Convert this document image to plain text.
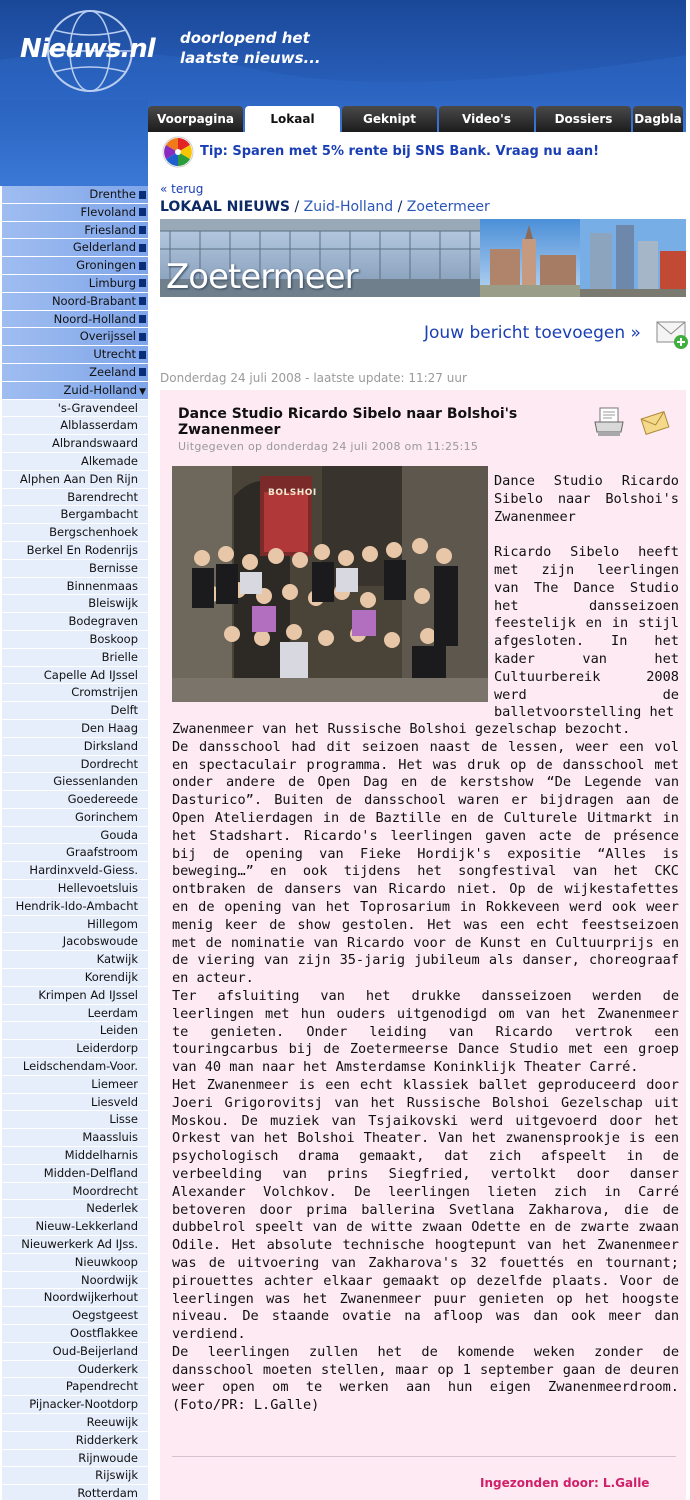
Nieuws.nl doorlopend het
laatste nieuws...
Voorpagina	Lokaal	Geknipt	Video's	Dossiers	Dagbla
Tip: Sparen met 5% rente bij SNS Bank. Vraag nu aan!
« terug
LOKAAL NIEUWS / Zuid-Holland / Zoetermeer
Zoetermeer
Jouw bericht toevoegen »
Donderdag 24 juli 2008 - laatste update: 11:27 uur
Dance Studio Ricardo Sibelo naar Bolshoi's Zwanenmeer
Uitgegeven op donderdag 24 juli 2008 om 11:25:15
BOLSHOI

Dance Studio Ricardo Sibelo naar Bolshoi's Zwanenmeer

Ricardo Sibelo heeft met zijn leerlingen van The Dance Studio het dansseizoen feestelijk en in stijl afgesloten. In het kader van het Cultuurbereik 2008 werd de balletvoorstelling het

Zwanenmeer van het Russische Bolshoi gezelschap bezocht.
De dansschool had dit seizoen naast de lessen, weer een vol en spectaculair programma. Het was druk op de dansschool met onder andere de Open Dag en de kerstshow “De Legende van Dasturico”. Buiten de dansschool waren er bijdragen aan de Open Atelierdagen in de Baztille en de Culturele Uitmarkt in het Stadshart. Ricardo's leerlingen gaven acte de présence bij de opening van Fieke Hordijk's expositie “Alles is beweging…” en ook tijdens het songfestival van het CKC ontbraken de dansers van Ricardo niet. Op de wijkestafettes en de opening van het Toprosarium in Rokkeveen werd ook weer menig keer de show gestolen. Het was een echt feestseizoen met de nominatie van Ricardo voor de Kunst en Cultuurprijs en de viering van zijn 35-jarig jubileum als danser, choreograaf en acteur.
Ter afsluiting van het drukke dansseizoen werden de leerlingen met hun ouders uitgenodigd om van het Zwanenmeer te genieten. Onder leiding van Ricardo vertrok een touringcarbus bij de Zoetermeerse Dance Studio met een groep van 40 man naar het Amsterdamse Koninklijk Theater Carré.
Het Zwanenmeer is een echt klassiek ballet geproduceerd door Joeri Grigorovitsj van het Russische Bolshoi Gezelschap uit Moskou. De muziek van Tsjaikovski werd uitgevoerd door het Orkest van het Bolshoi Theater. Van het zwanensprookje is een psychologisch drama gemaakt, dat zich afspeelt in de verbeelding van prins Siegfried, vertolkt door danser Alexander Volchkov. De leerlingen lieten zich in Carré betoveren door prima ballerina Svetlana Zakharova, die de dubbelrol speelt van de witte zwaan Odette en de zwarte zwaan Odile. Het absolute technische hoogtepunt van het Zwanenmeer was de uitvoering van Zakharova's 32 fouettés en tournant; pirouettes achter elkaar gemaakt op dezelfde plaats. Voor de leerlingen was het Zwanenmeer puur genieten op het hoogste niveau. De staande ovatie na afloop was dan ook meer dan verdiend.
De leerlingen zullen het de komende weken zonder de dansschool moeten stellen, maar op 1 september gaan de deuren weer open om te werken aan hun eigen Zwanenmeerdroom.(Foto/PR: L.Galle)
Ingezonden door: L.Galle
Drenthe
Flevoland
Friesland
Gelderland
Groningen
Limburg
Noord-Brabant
Noord-Holland
Overijssel
Utrecht
Zeeland
Zuid-Holland ▼
's-Gravendeel
Alblasserdam
Albrandswaard
Alkemade
Alphen Aan Den Rijn
Barendrecht
Bergambacht
Bergschenhoek
Berkel En Rodenrijs
Bernisse
Binnenmaas
Bleiswijk
Bodegraven
Boskoop
Brielle
Capelle Ad IJssel
Cromstrijen
Delft
Den Haag
Dirksland
Dordrecht
Giessenlanden
Goedereede
Gorinchem
Gouda
Graafstroom
Hardinxveld-Giess.
Hellevoetsluis
Hendrik-Ido-Ambacht
Hillegom
Jacobswoude
Katwijk
Korendijk
Krimpen Ad IJssel
Leerdam
Leiden
Leiderdorp
Leidschendam-Voor.
Liemeer
Liesveld
Lisse
Maassluis
Middelharnis
Midden-Delfland
Moordrecht
Nederlek
Nieuw-Lekkerland
Nieuwerkerk Ad IJss.
Nieuwkoop
Noordwijk
Noordwijkerhout
Oegstgeest
Oostflakkee
Oud-Beijerland
Ouderkerk
Papendrecht
Pijnacker-Nootdorp
Reeuwijk
Ridderkerk
Rijnwoude
Rijswijk
Rotterdam
